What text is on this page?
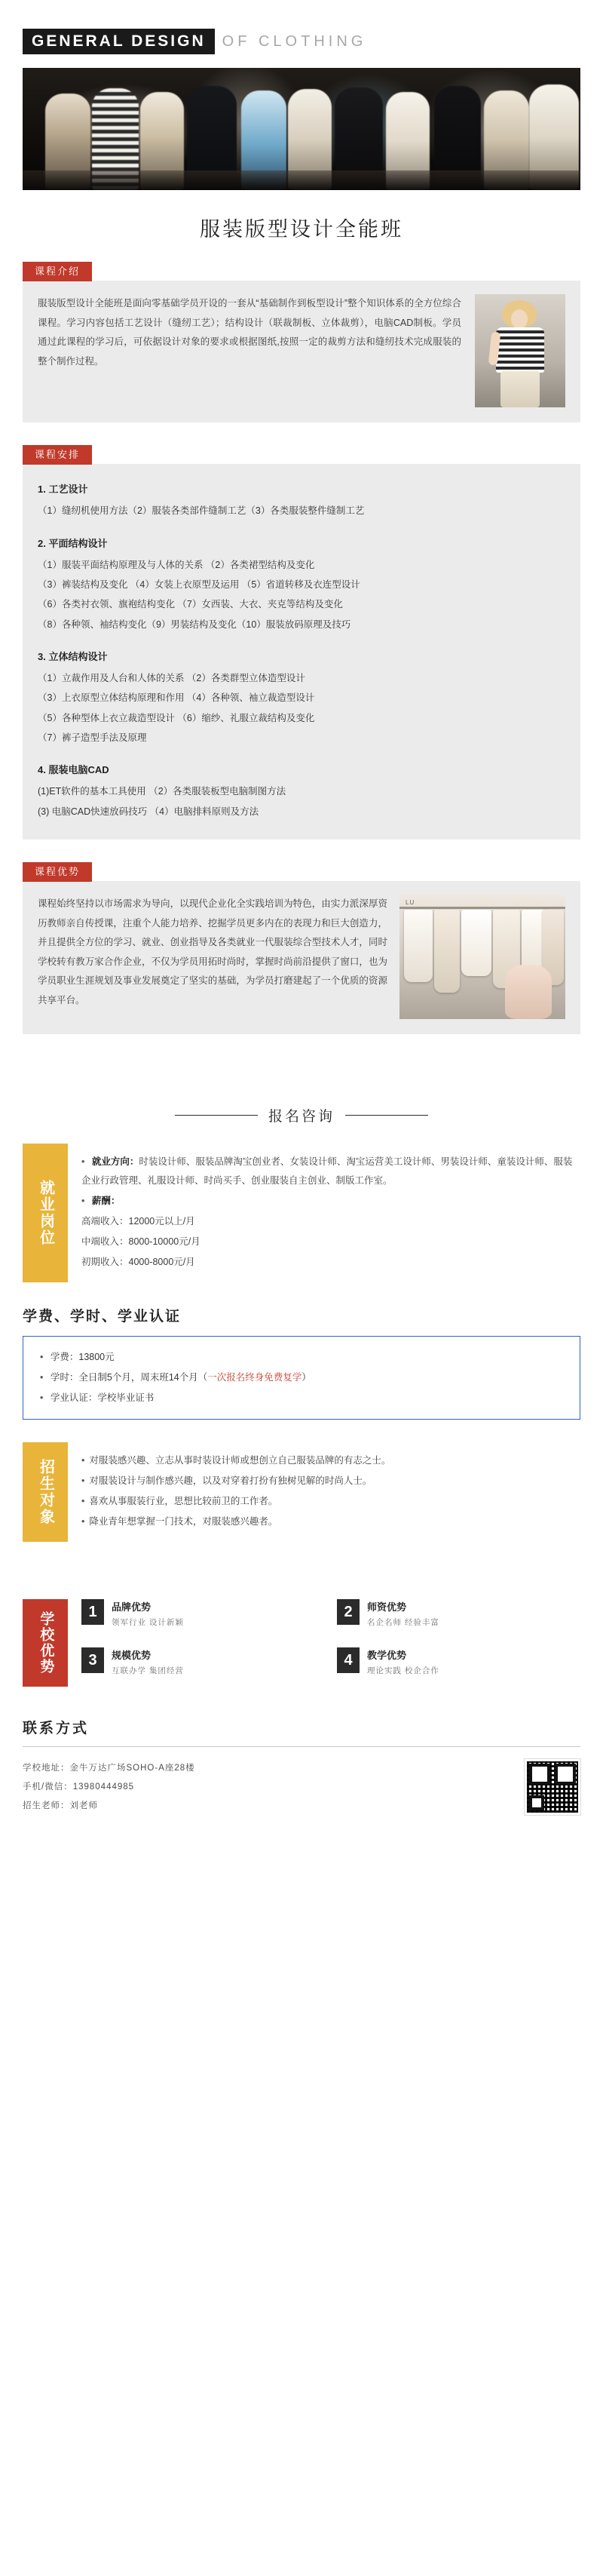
GENERAL DESIGN	OF CLOTHING
服装版型设计全能班
课程介绍
服装版型设计全能班是面向零基础学员开设的一套从“基础制作到板型设计”整个知识体系的全方位综合课程。学习内容包括工艺设计（缝纫工艺）；结构设计（联裁制板、立体裁剪），电脑CAD制板。学员通过此课程的学习后，可依据设计对象的要求或根据图纸,按照一定的裁剪方法和缝纫技术完成服装的整个制作过程。
课程安排
1. 工艺设计

（1）缝纫机使用方法（2）服装各类部件缝制工艺（3）各类服装整件缝制工艺

2. 平面结构设计

（1）服装平面结构原理及与人体的关系 （2）各类裙型结构及变化

（3）裤装结构及变化 （4）女装上衣原型及运用 （5）省道转移及衣连型设计

（6）各类衬衣领、旗袍结构变化 （7）女西装、大衣、夹克等结构及变化

（8）各种领、袖结构变化（9）男装结构及变化（10）服装放码原理及技巧

3. 立体结构设计

（1）立裁作用及人台和人体的关系 （2）各类群型立体造型设计

（3）上衣原型立体结构原理和作用 （4）各种领、袖立裁造型设计

（5）各种型体上衣立裁造型设计 （6）缩纱、礼服立裁结构及变化

（7）裤子造型手法及原理

4. 服装电脑CAD

(1)ET软件的基本工具使用 （2）各类服装板型电脑制图方法

(3) 电脑CAD快速放码技巧 （4）电脑排料原则及方法

课程优势
课程始终坚持以市场需求为导向，以现代企业化全实践培训为特色，由实力派深厚资历教师亲自传授课，注重个人能力培养、挖掘学员更多内在的表现力和巨大创造力，并且提供全方位的学习、就业、创业指导及各类就业一代服装综合型技术人才，同时学校转有教万家合作企业，不仅为学员用拓时尚时，掌握时尚前沿提供了窗口，也为学员职业生涯规划及事业发展奠定了坚实的基础，为学员打磨建起了一个优质的资源共享平台。
LU
报名咨询
就业岗位
• 就业方向：时装设计师、服装品牌淘宝创业者、女装设计师、淘宝运营美工设计师、男装设计师、童装设计师、服装企业行政管理、礼服设计师、时尚买手、创业服装自主创业、制版工作室。
• 薪酬：
高端收入：12000元以上/月
中端收入：8000-10000元/月
初期收入：4000-8000元/月
学费、学时、学业认证
• 学费：13800元
• 学时：全日制5个月，周末班14个月（一次报名终身免费复学）
• 学业认证：学校毕业证书
招生对象	• 对服装感兴趣、立志从事时装设计师或想创立自己服装品牌的有志之士。
• 对服装设计与制作感兴趣，以及对穿着打扮有独树见解的时尚人士。
• 喜欢从事服装行业，思想比较前卫的工作者。
• 降业青年想掌握一门技术，对服装感兴趣者。
学校优势	1	品牌优势
领军行业 设计新颖
2	师资优势
名企名师 经验丰富
3	规模优势
互联办学 集团经营
4	教学优势
理论实践 校企合作
联系方式
学校地址：金牛万达广场SOHO-A座28楼
手机/微信：13980444985
招生老师：刘老师
